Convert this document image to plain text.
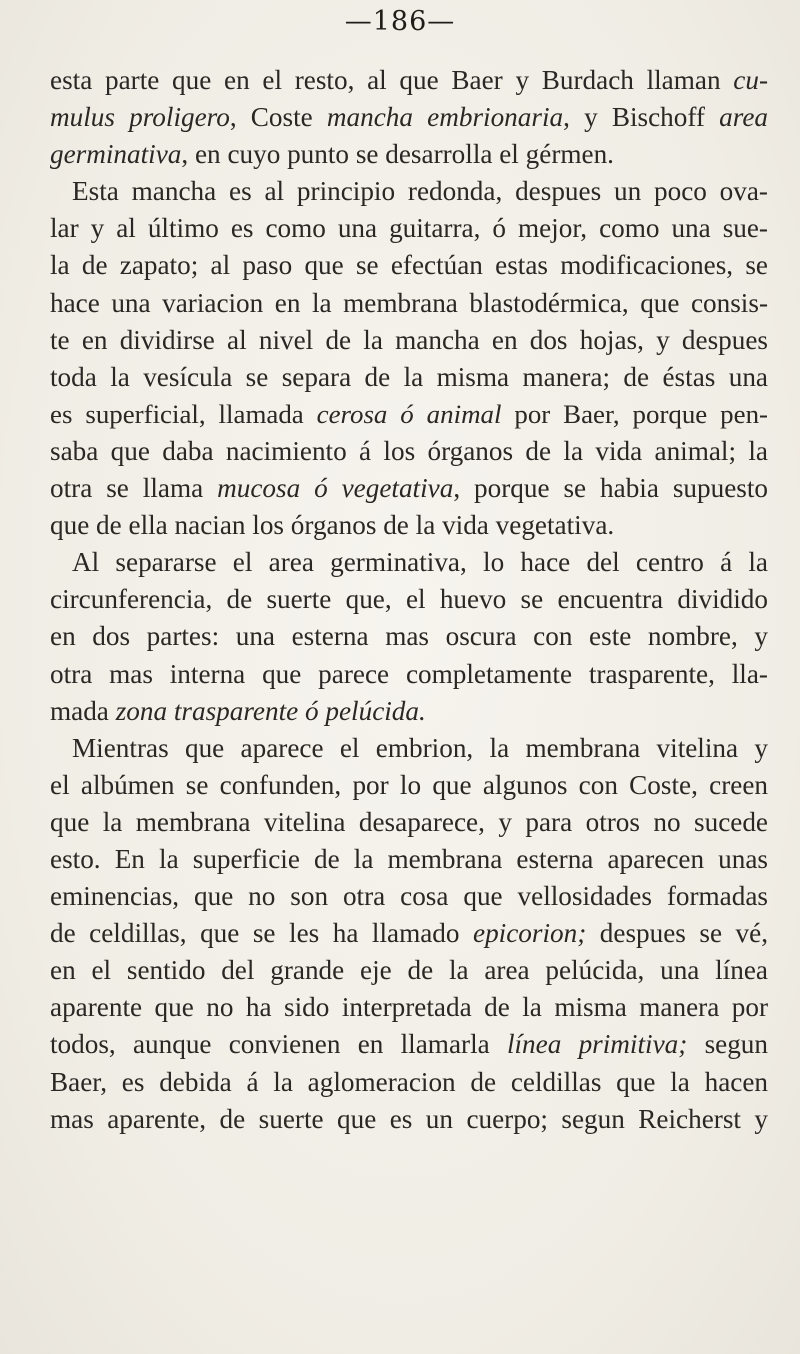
—186—
esta parte que en el resto, al que Baer y Burdach llaman cu-
mulus proligero, Coste mancha embrionaria, y Bischoff area
germinativa, en cuyo punto se desarrolla el gérmen.
Esta mancha es al principio redonda, despues un poco ova-
lar y al último es como una guitarra, ó mejor, como una sue-
la de zapato; al paso que se efectúan estas modificaciones, se
hace una variacion en la membrana blastodérmica, que consis-
te en dividirse al nivel de la mancha en dos hojas, y despues
toda la vesícula se separa de la misma manera; de éstas una
es superficial, llamada cerosa ó animal por Baer, porque pen-
saba que daba nacimiento á los órganos de la vida animal; la
otra se llama mucosa ó vegetativa, porque se habia supuesto
que de ella nacian los órganos de la vida vegetativa.
Al separarse el area germinativa, lo hace del centro á la
circunferencia, de suerte que, el huevo se encuentra dividido
en dos partes: una esterna mas oscura con este nombre, y
otra mas interna que parece completamente trasparente, lla-
mada zona trasparente ó pelúcida.
Mientras que aparece el embrion, la membrana vitelina y
el albúmen se confunden, por lo que algunos con Coste, creen
que la membrana vitelina desaparece, y para otros no sucede
esto. En la superficie de la membrana esterna aparecen unas
eminencias, que no son otra cosa que vellosidades formadas
de celdillas, que se les ha llamado epicorion; despues se vé,
en el sentido del grande eje de la area pelúcida, una línea
aparente que no ha sido interpretada de la misma manera por
todos, aunque convienen en llamarla línea primitiva; segun
Baer, es debida á la aglomeracion de celdillas que la hacen
mas aparente, de suerte que es un cuerpo; segun Reicherst y
